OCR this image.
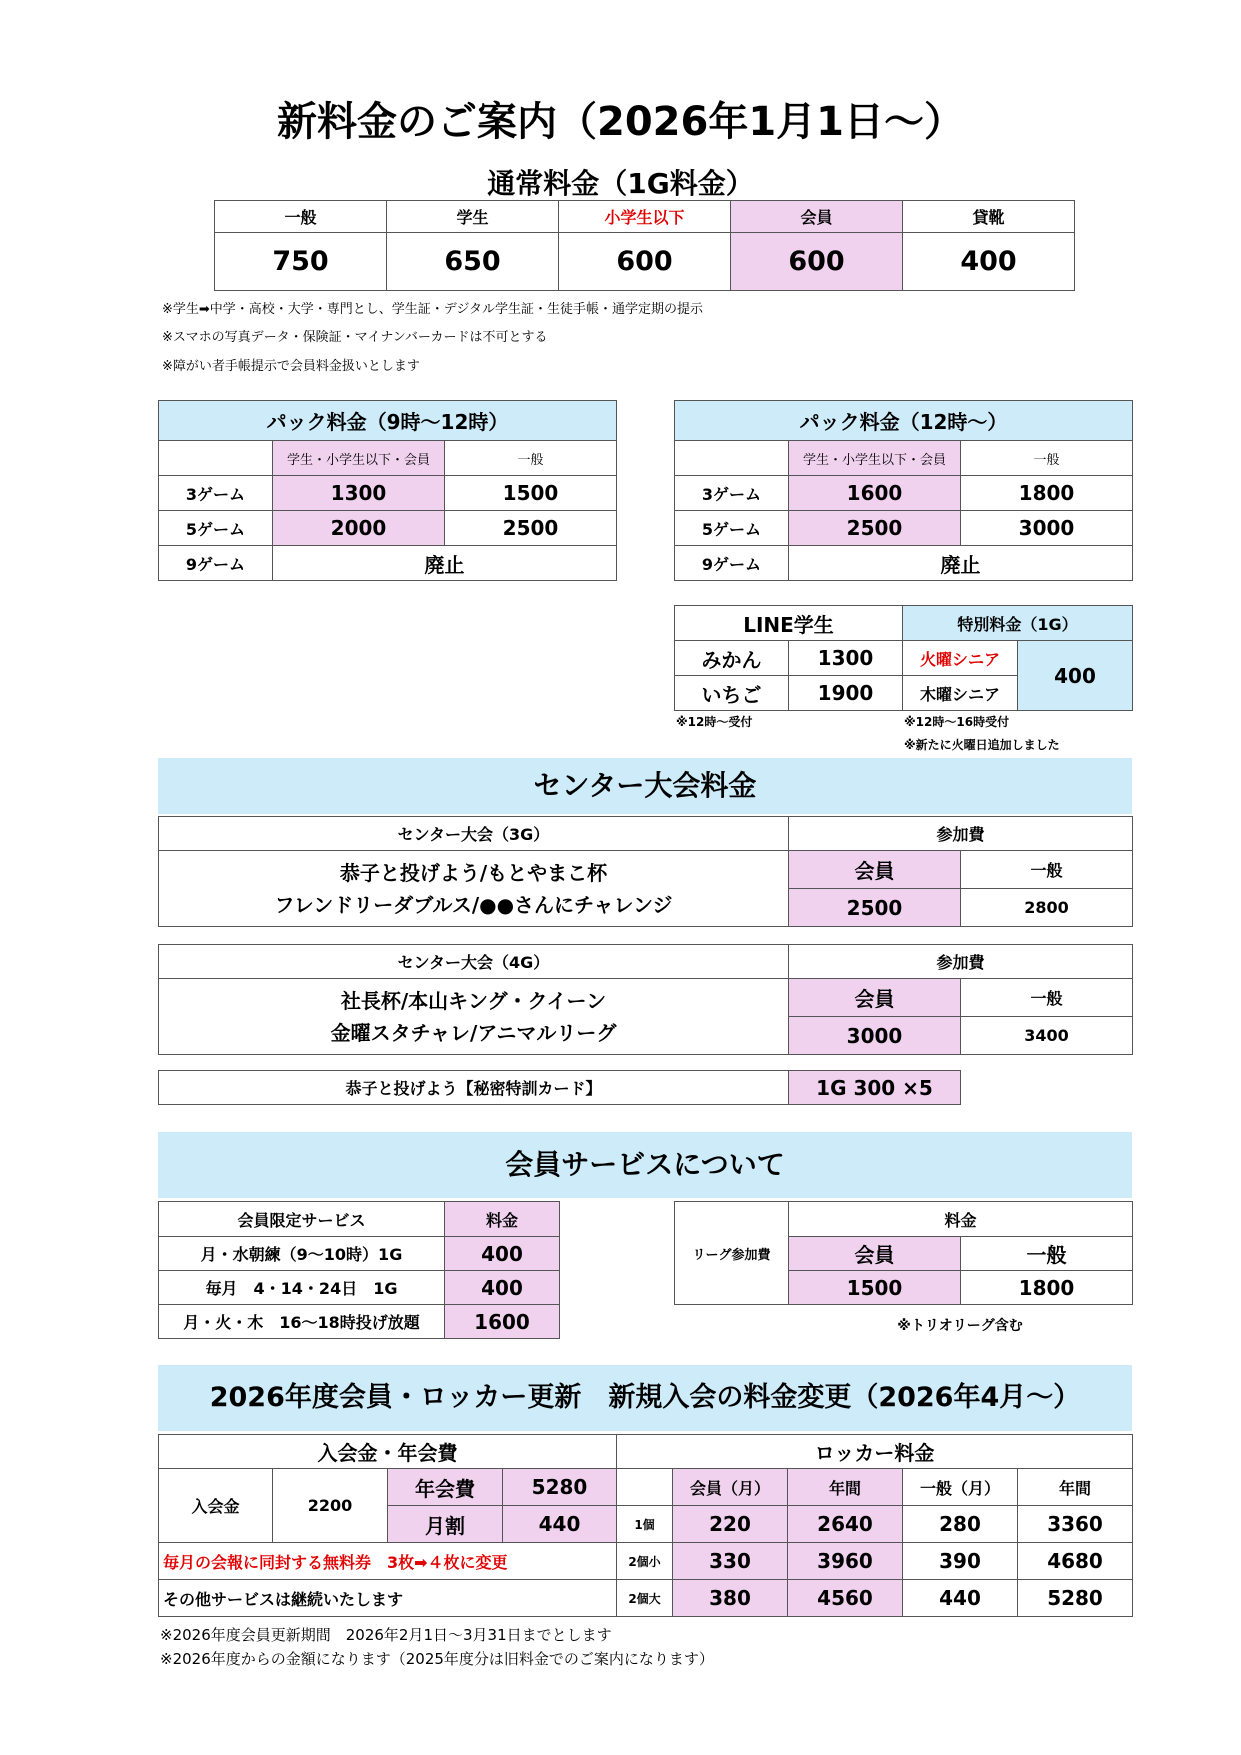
新料金のご案内（2026年1月1日～）
通常料金（1G料金）
一般	学生	小学生以下	会員	貸靴
750	650	600	600	400
※学生➡中学・高校・大学・専門とし、学生証・デジタル学生証・生徒手帳・通学定期の提示
※スマホの写真データ・保険証・マイナンバーカードは不可とする
※障がい者手帳提示で会員料金扱いとします
パック料金（9時～12時）		
	学生・小学生以下・会員	一般
3ゲーム	1300	1500
5ゲーム	2000	2500
9ゲーム	廃止	
パック料金（12時～）		
	学生・小学生以下・会員	一般
3ゲーム	1600	1800
5ゲーム	2500	3000
9ゲーム	廃止	
LINE学生		特別料金（1G）	
みかん	1300	火曜シニア	400
いちご	1900	木曜シニア	
※12時～受付	※12時～16時受付
※新たに火曜日追加しました
センター大会料金
センター大会（3G）	参加費	

恭子と投げよう/もとやまこ杯
フレンドリーダブルス/●●さんにチャレンジ	会員	一般
	2500	2800
センター大会（4G）	参加費	

社長杯/本山キング・クイーン
金曜スタチャレ/アニマルリーグ	会員	一般
	3000	3400
恭子と投げよう【秘密特訓カード】	1G 300 ×5
会員サービスについて
会員限定サービス	料金
月・水朝練（9～10時）1G	400
毎月　4・14・24日　1G	400
月・火・木　16～18時投げ放題	1600
リーグ参加費	料金	
	会員	一般
	1500	1800
※トリオリーグ含む
2026年度会員・ロッカー更新　新規入会の料金変更（2026年4月～）
入会金・年会費			
入会金	2200	年会費	5280
		月割	440
毎月の会報に同封する無料券　3枚➡４枚に変更			
その他サービスは継続いたします			
ロッカー料金				
	会員（月）	年間	一般（月）	年間
1個	220	2640	280	3360
2個小	330	3960	390	4680
2個大	380	4560	440	5280
※2026年度会員更新期間　2026年2月1日～3月31日までとします
※2026年度からの金額になります（2025年度分は旧料金でのご案内になります）
